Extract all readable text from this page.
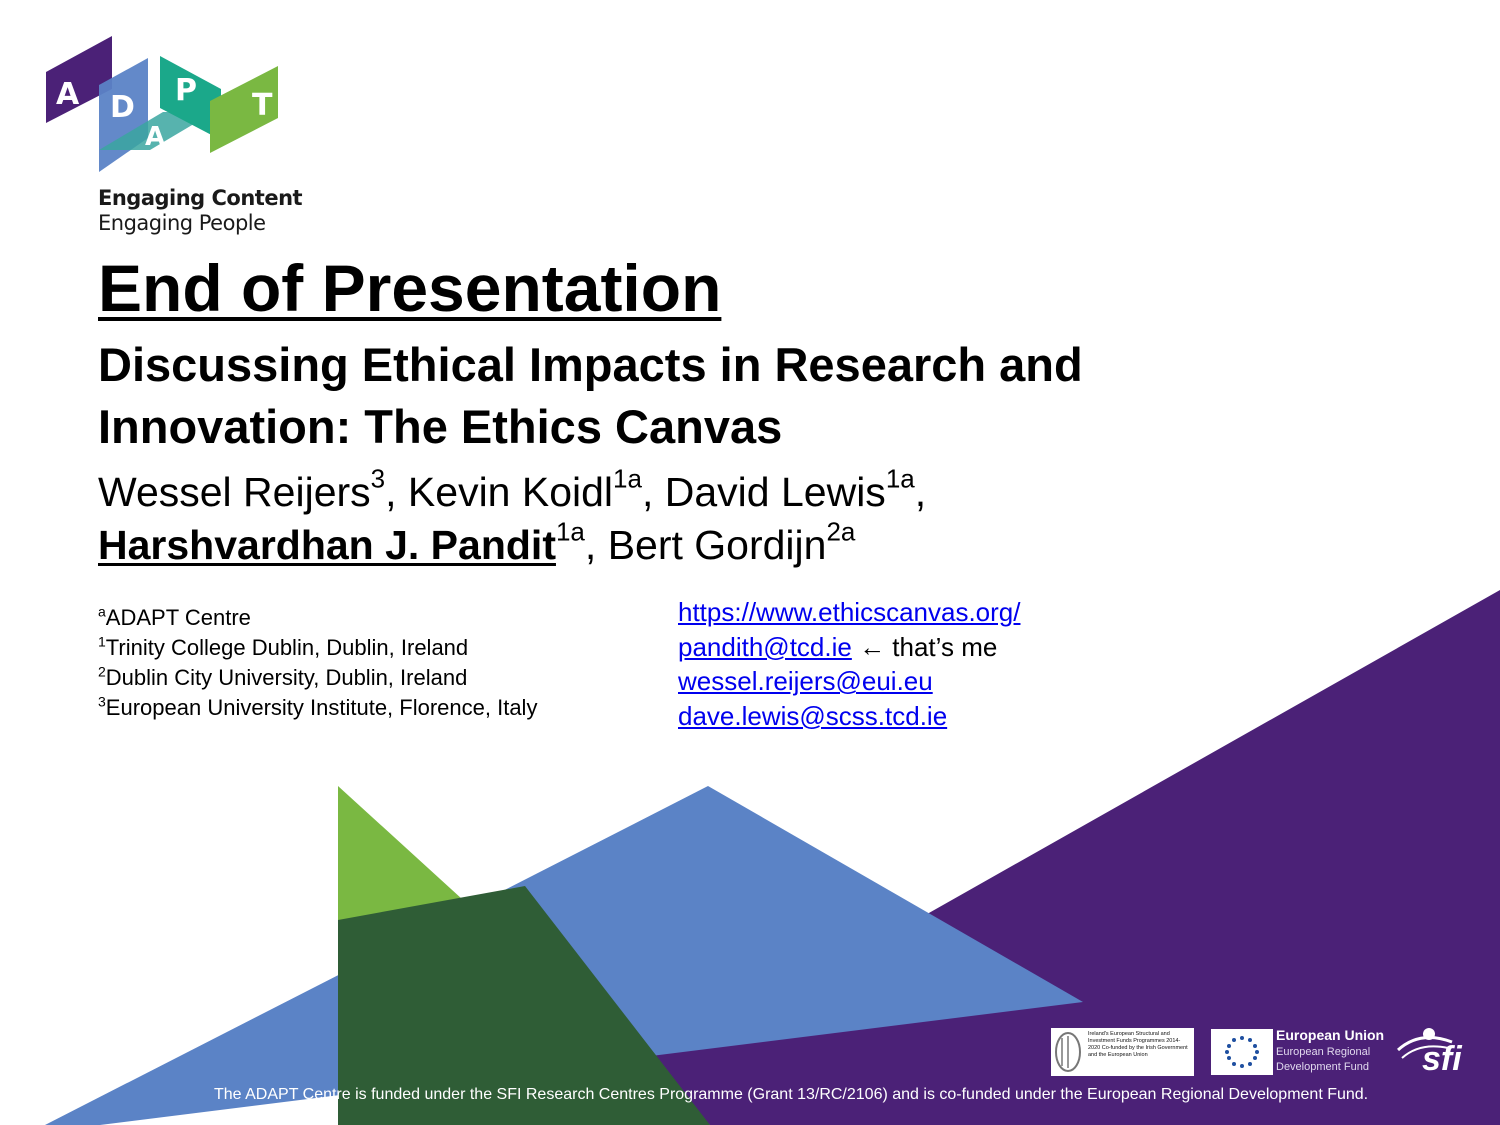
A D P T
A
Engaging Content
Engaging People
End of Presentation
Discussing Ethical Impacts in Research and Innovation: The Ethics Canvas
Wessel Reijers$^3$, Kevin Koidl$^{1a}$, David Lewis$^{1a}$,
Harshvardhan J. Pandit$^{1a}$, Bert Gordijn$^{2a}$
$^a$ADAPT Centre
$^1$Trinity College Dublin, Dublin, Ireland
$^2$Dublin City University, Dublin, Ireland
$^3$European University Institute, Florence, Italy
https://www.ethicscanvas.org/
pandith@tcd.ie ← that’s me
wessel.reijers@eui.eu
dave.lewis@scss.tcd.ie
Ireland's European Structural and Investment Funds Programmes 2014-2020 Co-funded by the Irish Government and the European Union
European Union
European Regional
Development Fund	sfi
The ADAPT Centre is funded under the SFI Research Centres Programme (Grant 13/RC/2106) and is co-funded under the European Regional Development Fund.
